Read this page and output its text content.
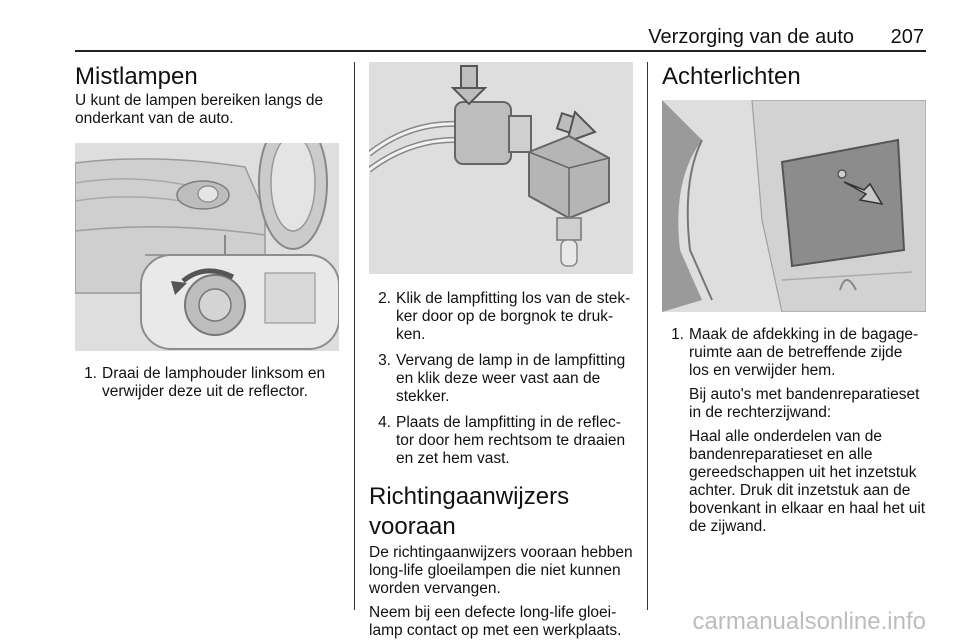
Verzorging van de auto 207
Mistlampen

U kunt de lampen bereiken langs de onderkant van de auto.

1. Draai de lamphouder linksom en verwijder deze uit de reflector.
2. Klik de lampfitting los van de stek-ker door op de borgnok te druk-ken.
3. Vervang de lamp in de lampfitting en klik deze weer vast aan de stekker.
4. Plaats de lampfitting in de reflec-tor door hem rechtsom te draaien en zet hem vast.
Richtingaanwijzers vooraan

De richtingaanwijzers vooraan hebben long-life gloeilampen die niet kunnen worden vervangen.

Neem bij een defecte long-life gloei-lamp contact op met een werkplaats.

Achterlichten
1. Maak de afdekking in de bagage-ruimte aan de betreffende zijde los en verwijder hem.
Bij auto's met bandenreparatieset in de rechterzijwand:
Haal alle onderdelen van de bandenreparatieset en alle gereedschappen uit het inzetstuk achter. Druk dit inzetstuk aan de bovenkant in elkaar en haal het uit de zijwand.
carmanualsonline.info
